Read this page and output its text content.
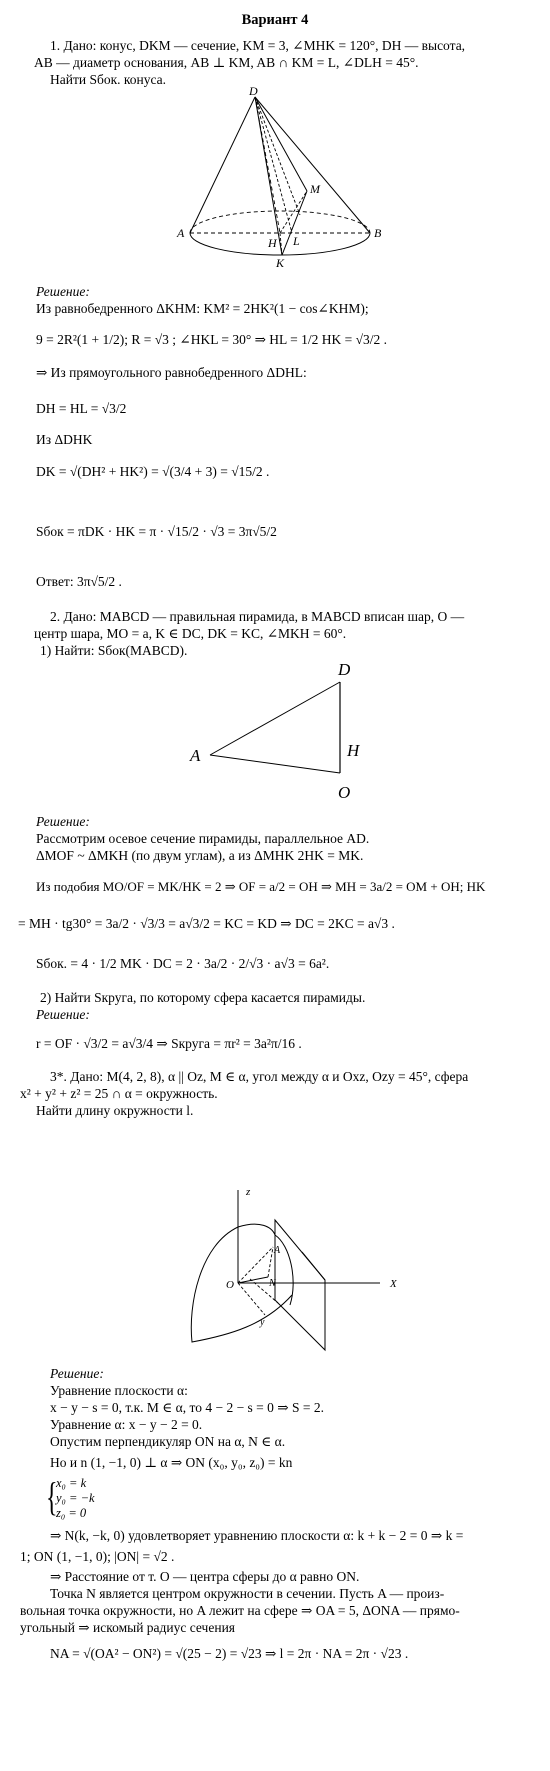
Вариант 4
1. Дано: конус, DKM — сечение, KM = 3, ∠MHK = 120°, DH — высота,
AB — диаметр основания, AB ⊥ KM, AB ∩ KM = L, ∠DLH = 45°.
Найти Sбок. конуса.
D
A	B
H L
M
K
Решение:
Из равнобедренного ΔKHM: KM² = 2HK²(1 − cos∠KHM);
9 = 2R²(1 + 1/2); R = √3 ; ∠HKL = 30° ⇒ HL = 1/2 HK = √3/2 .
⇒ Из прямоугольного равнобедренного ΔDHL:
DH = HL = √3/2
Из ΔDHK
DK = √(DH² + HK²) = √(3/4 + 3) = √15/2 .
Sбок = πDK · HK = π · √15/2 · √3 = 3π√5/2
Ответ: 3π√5/2 .
2. Дано: MABCD — правильная пирамида, в MABCD вписан шар, O —
центр шара, MO = a, K ∈ DC, DK = KC, ∠MKH = 60°.
1) Найти: Sбок(MABCD).
D
A	H
O
Решение:
Рассмотрим осевое сечение пирамиды, параллельное AD.
ΔMOF ~ ΔMKH (по двум углам), а из ΔMHK 2HK = MK.
Из подобия MO/OF = MK/HK = 2 ⇒ OF = a/2 = OH ⇒ MH = 3a/2 = OM + OH; HK
= MH · tg30° = 3a/2 · √3/3 = a√3/2 = KC = KD ⇒ DC = 2KC = a√3 .
Sбок. = 4 · 1/2 MK · DC = 2 · 3a/2 · 2/√3 · a√3 = 6a².
2) Найти Sкруга, по которому сфера касается пирамиды.
Решение:
r = OF · √3/2 = a√3/4 ⇒ Sкруга = πr² = 3a²π/16 .
3*. Дано: M(4, 2, 8), α || Oz, M ∈ α, угол между α и Oxz, Ozy = 45°, сфера
x² + y² + z² = 25 ∩ α = окружность.
Найти длину окружности l.
z
X
O
A
N
y
Решение:
Уравнение плоскости α:
x − y − s = 0, т.к. M ∈ α, то 4 − 2 − s = 0 ⇒ S = 2.
Уравнение α: x − y − 2 = 0.
Опустим перпендикуляр ON на α, N ∈ α.
Но и n (1, −1, 0) ⊥ α ⇒ ON (x₀, y₀, z₀) = kn
{
x₀ = k
y₀ = −k
z₀ = 0
⇒ N(k, −k, 0) удовлетворяет уравнению плоскости α: k + k − 2 = 0 ⇒ k =
1; ON (1, −1, 0); |ON| = √2 .
⇒ Расстояние от т. O — центра сферы до α равно ON.
Точка N является центром окружности в сечении. Пусть A — произ-
вольная точка окружности, но A лежит на сфере ⇒ OA = 5, ΔONA — прямо-
угольный ⇒ искомый радиус сечения
NA = √(OA² − ON²) = √(25 − 2) = √23 ⇒ l = 2π · NA = 2π · √23 .
